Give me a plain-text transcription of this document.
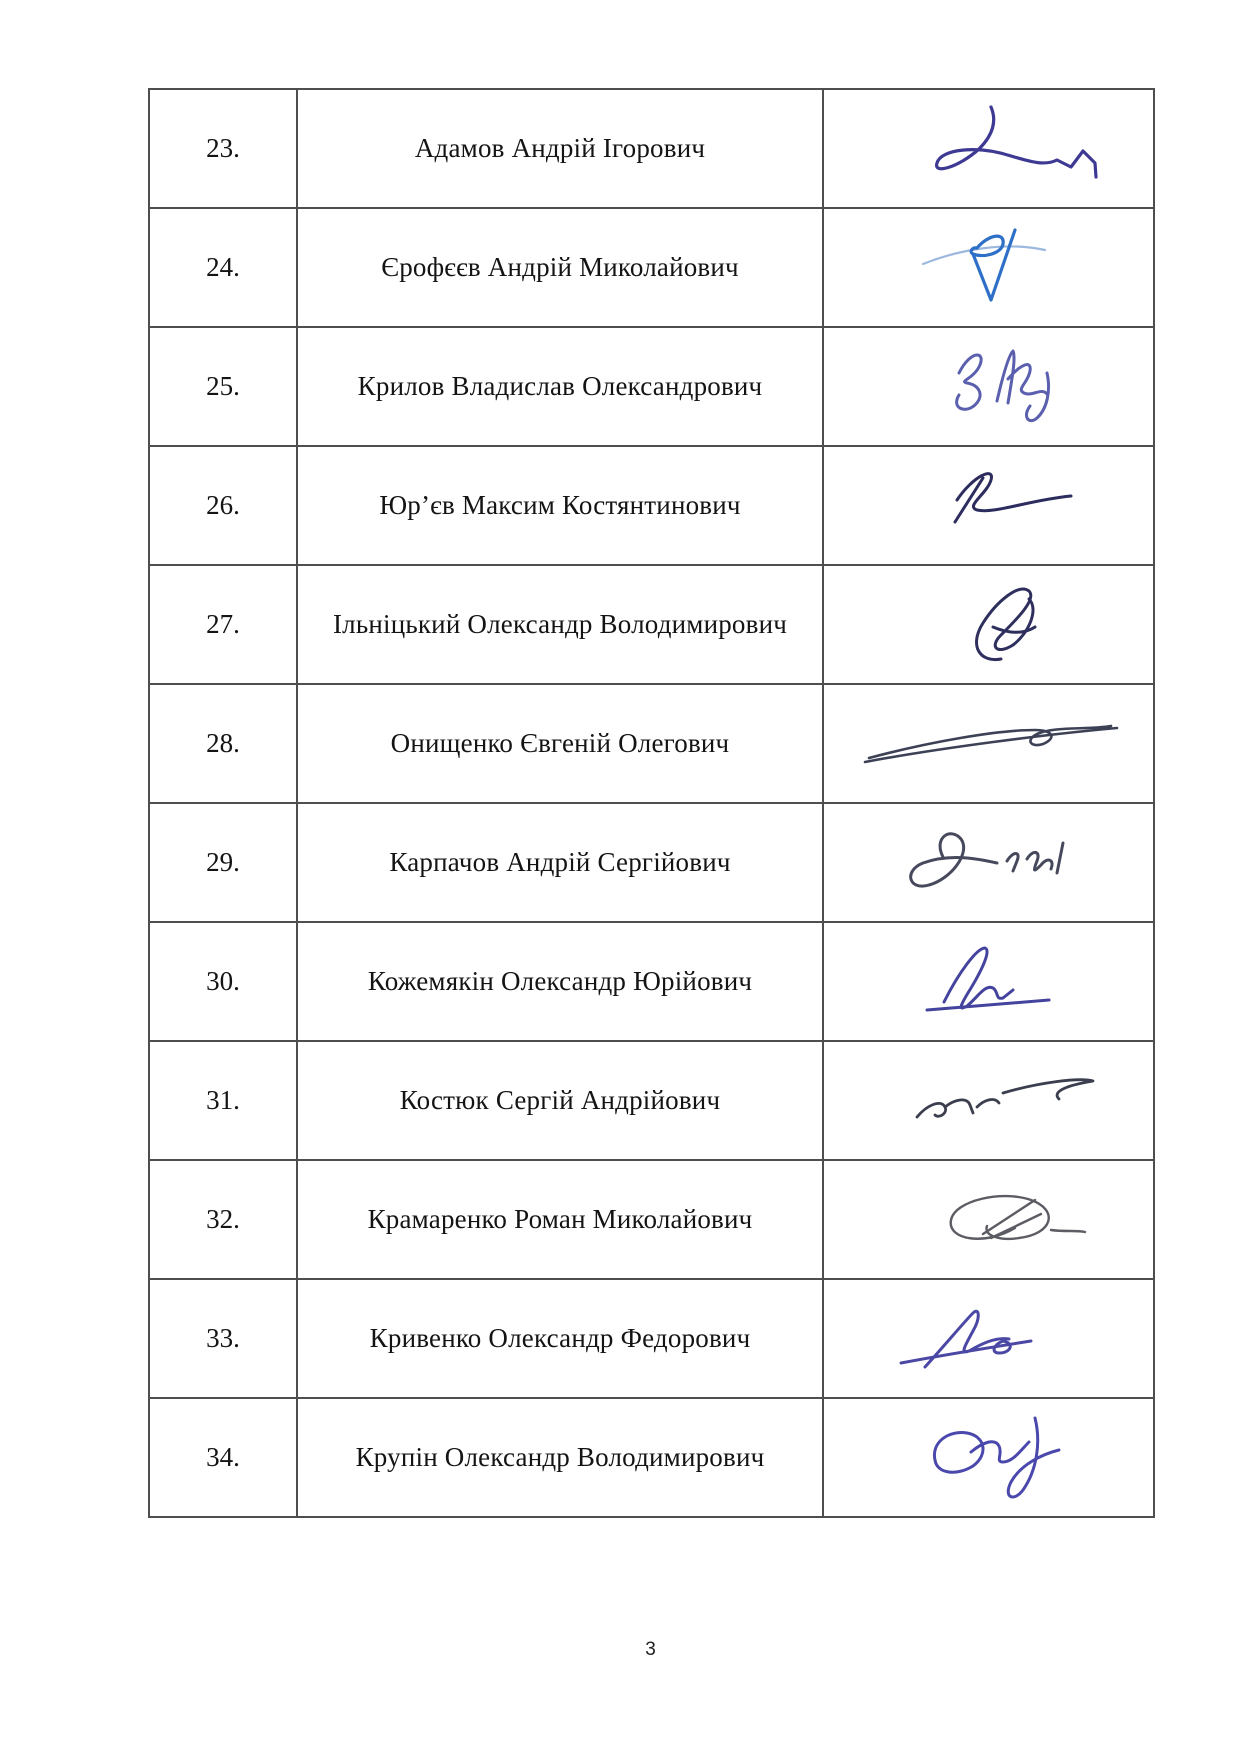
23.	Адамов Андрій Ігорович	

24.	Єрофєєв Андрій Миколайович	

25.	Крилов Владислав Олександрович	

26.	Юр’єв Максим Костянтинович	

27.	Ільніцький Олександр Володимирович	

28.	Онищенко Євгеній Олегович	

29.	Карпачов Андрій Сергійович	

30.	Кожемякін Олександр Юрійович	

31.	Костюк Сергій Андрійович	

32.	Крамаренко Роман Миколайович	

33.	Кривенко Олександр Федорович	

34.	Крупін Олександр Володимирович	
3
